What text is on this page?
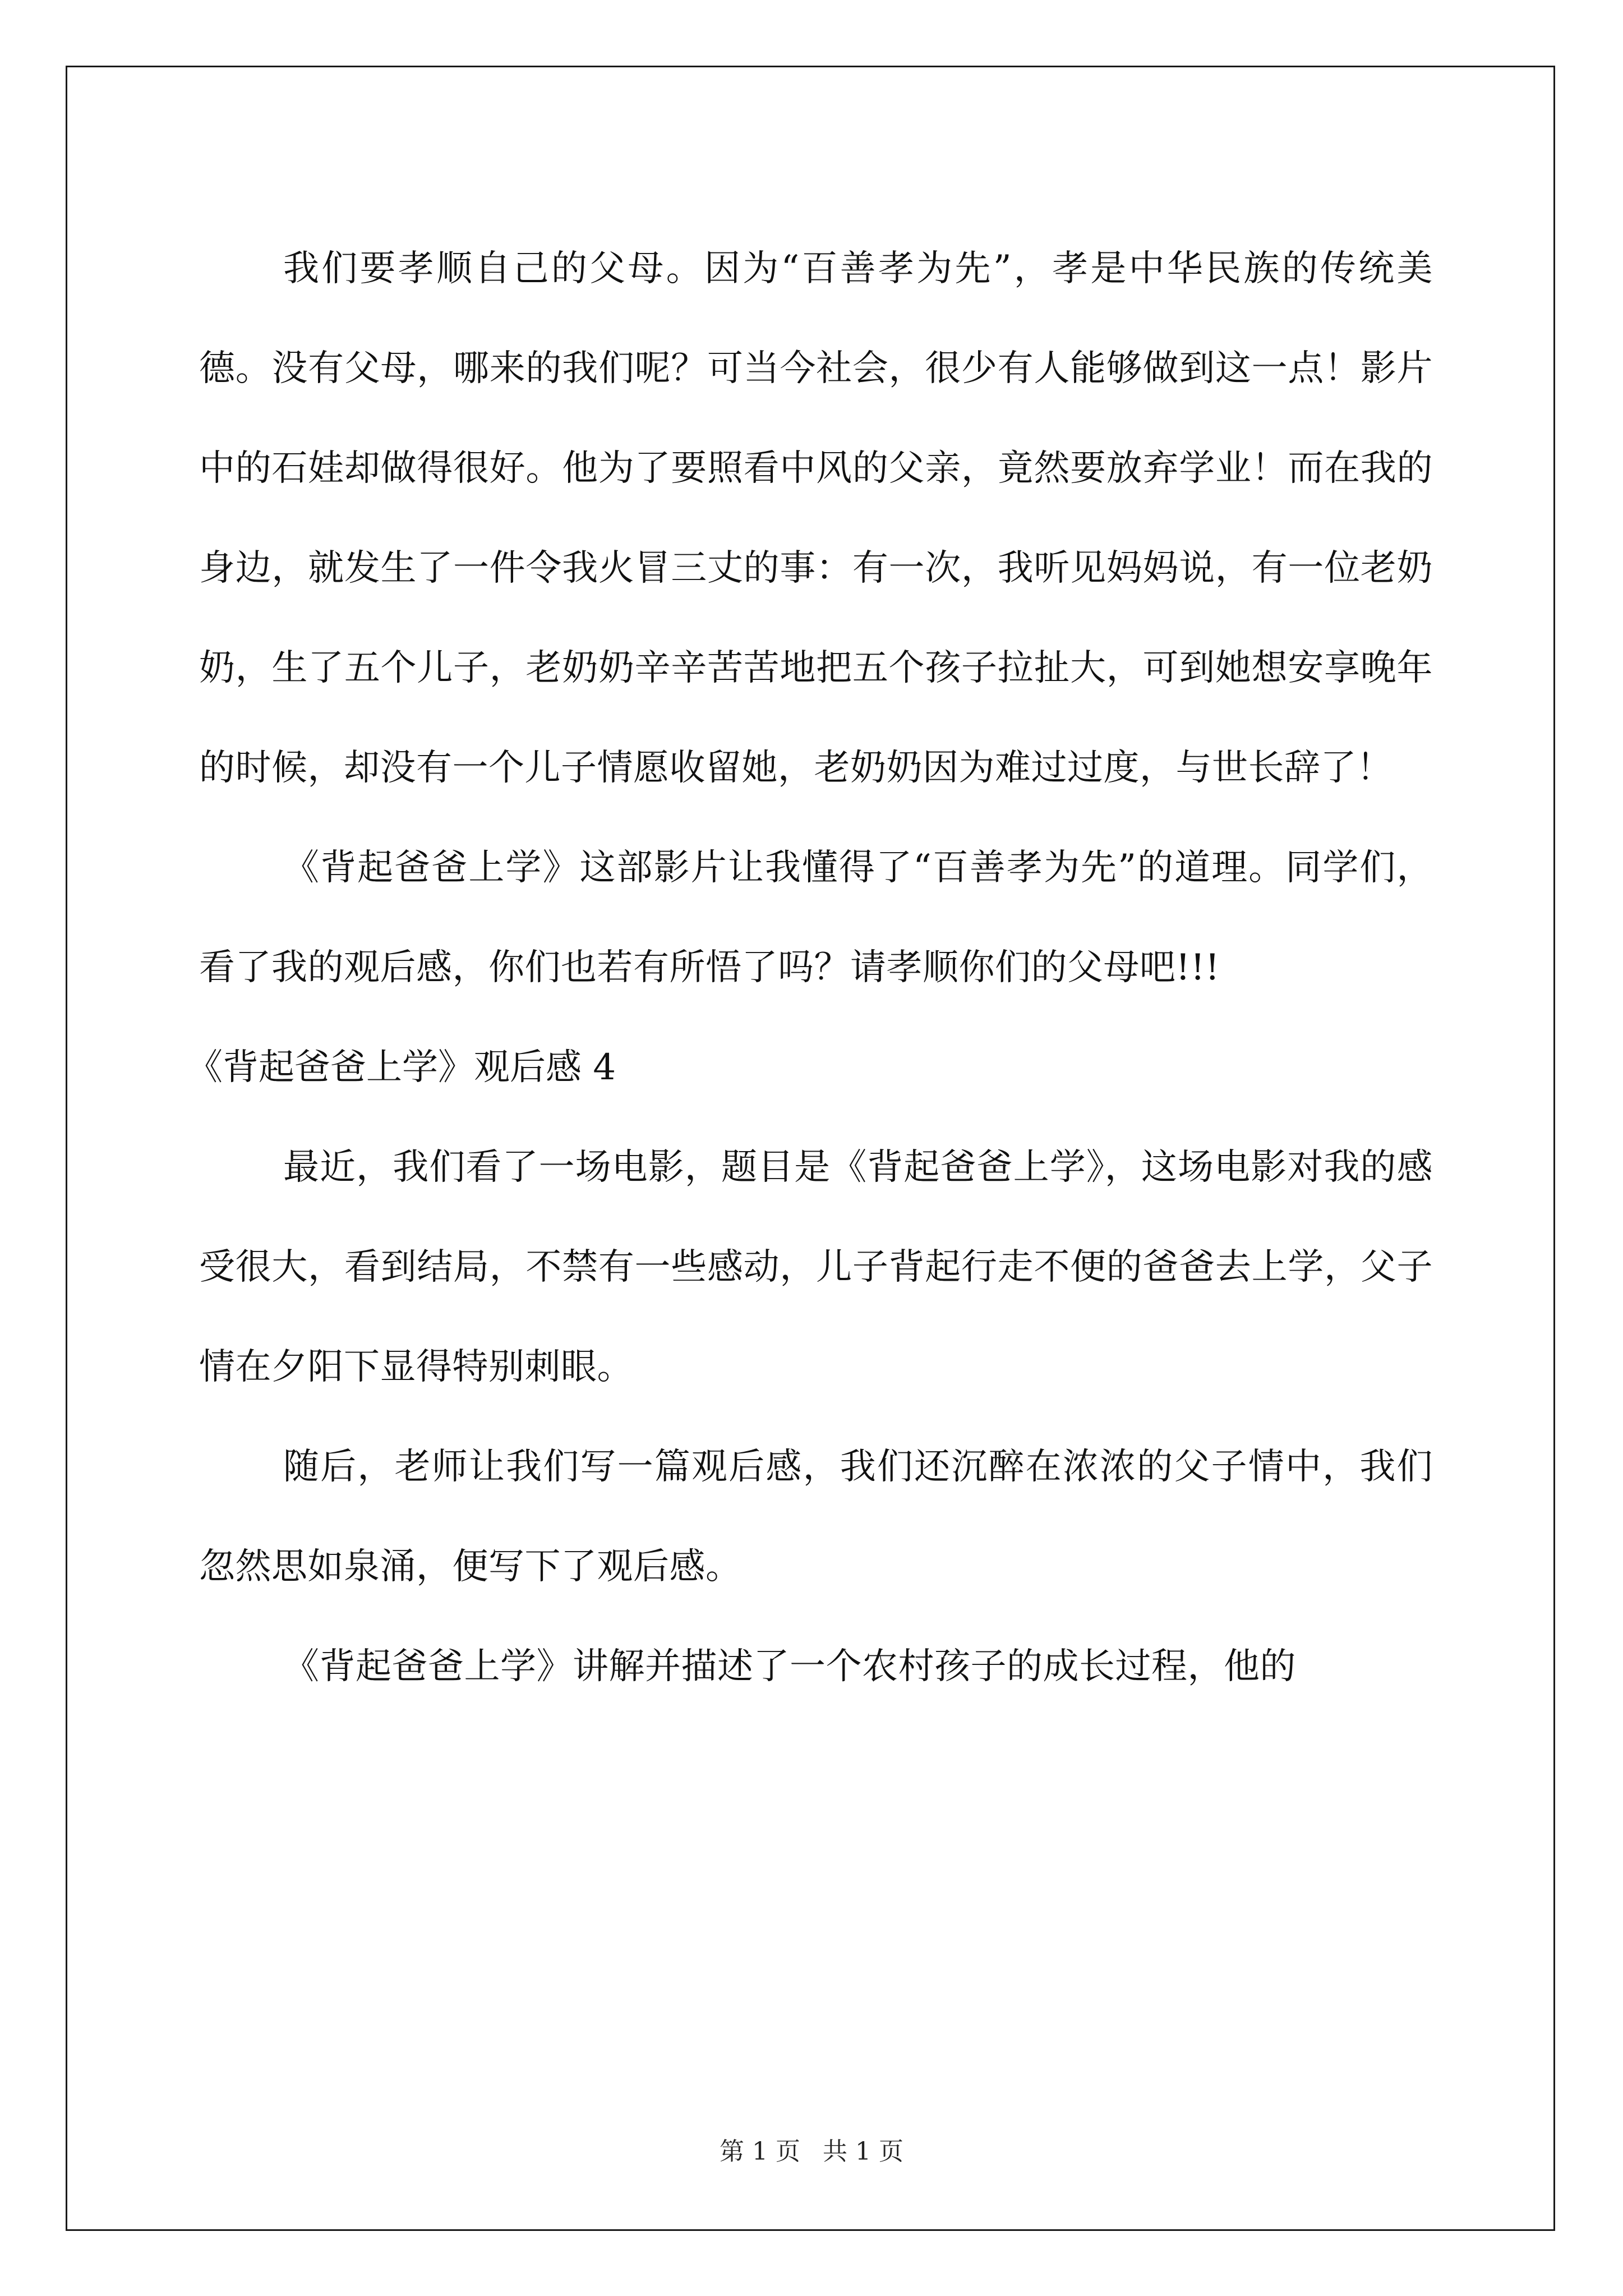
我们要孝顺自己的父母。因为“百善孝为先”，孝是中华民族的传统美德。没有父母，哪来的我们呢？可当今社会，很少有人能够做到这一点！影片中的石娃却做得很好。他为了要照看中风的父亲，竟然要放弃学业！而在我的身边，就发生了一件令我火冒三丈的事：有一次，我听见妈妈说，有一位老奶奶，生了五个儿子，老奶奶辛辛苦苦地把五个孩子拉扯大，可到她想安享晚年的时候，却没有一个儿子情愿收留她，老奶奶因为难过过度，与世长辞了！

《背起爸爸上学》这部影片让我懂得了“百善孝为先”的道理。同学们，看了我的观后感，你们也若有所悟了吗？请孝顺你们的父母吧!!!

《背起爸爸上学》观后感 4

最近，我们看了一场电影，题目是《背起爸爸上学》，这场电影对我的感受很大，看到结局，不禁有一些感动，儿子背起行走不便的爸爸去上学，父子情在夕阳下显得特别刺眼。

随后，老师让我们写一篇观后感，我们还沉醉在浓浓的父子情中，我们忽然思如泉涌，便写下了观后感。

《背起爸爸上学》讲解并描述了一个农村孩子的成长过程，他的

第 1 页 共 1 页
